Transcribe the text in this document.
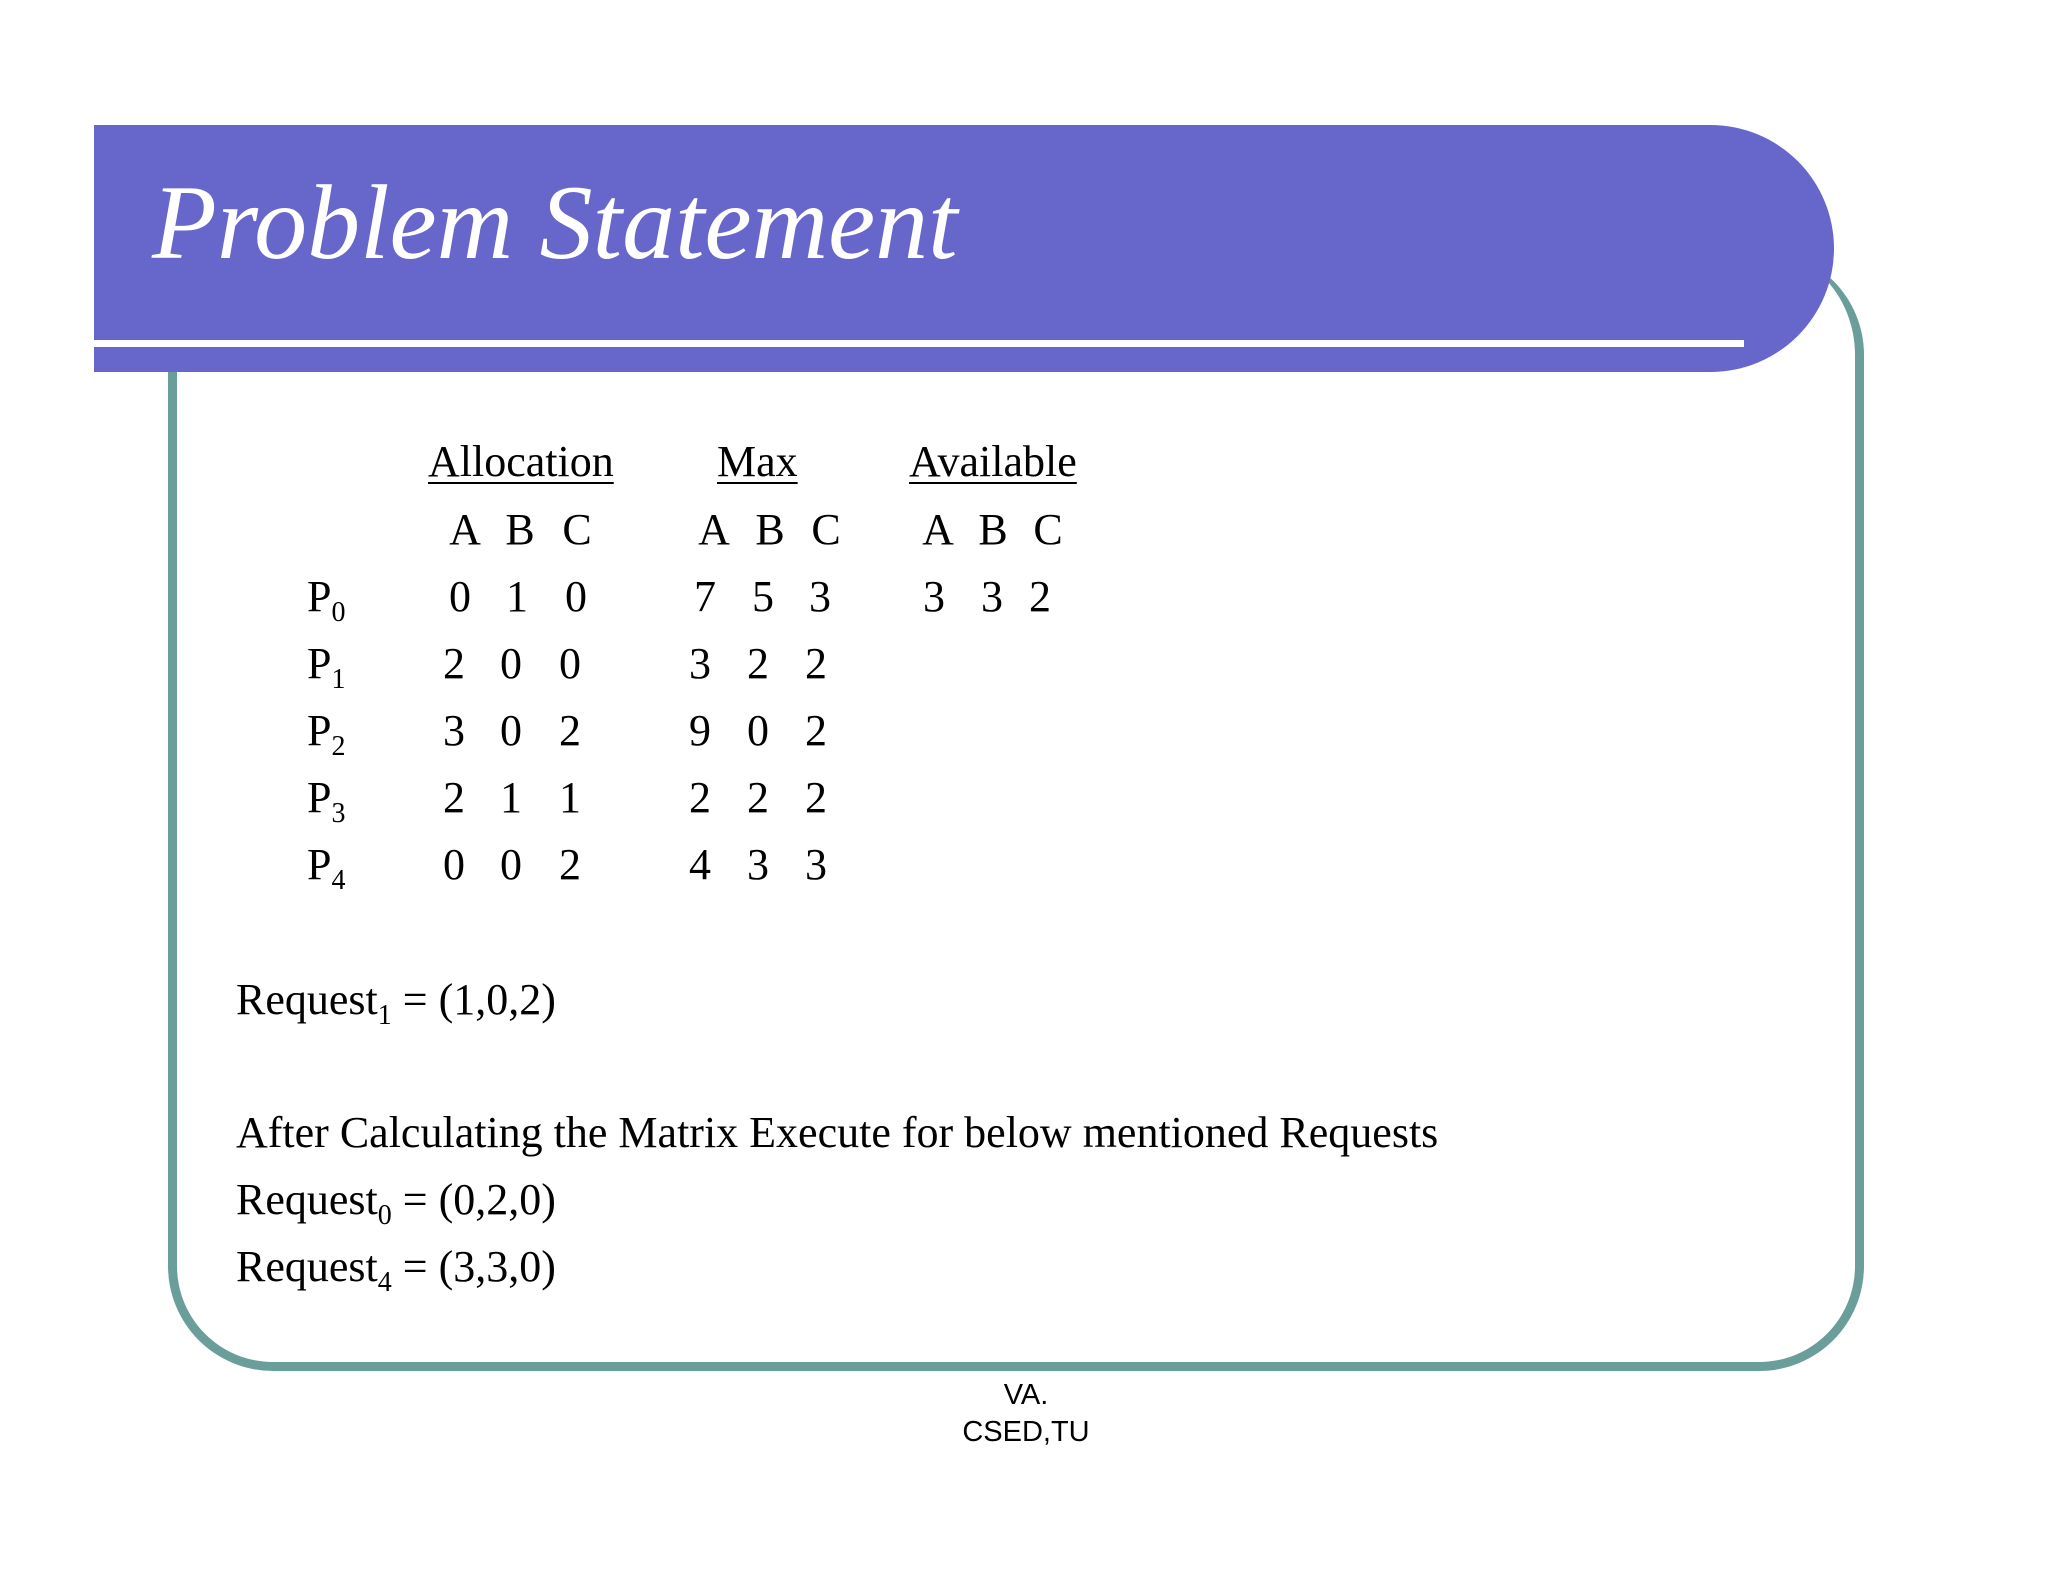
Problem Statement
Allocation Max	Available
A B C A B C A B C
$P_0$ 0 1 0 7 5 3 3 3 2
$P_1$ 2 0 0 3 2 2
$P_2$ 3 0 2 9 0 2
$P_3$ 2 1 1 2 2 2
$P_4$ 0 0 2 4 3 3
Request$_1$ = (1,0,2)
After Calculating the Matrix Execute for below mentioned Requests
Request$_0$ = (0,2,0)
Request$_4$ = (3,3,0)
VA.
CSED,TU
